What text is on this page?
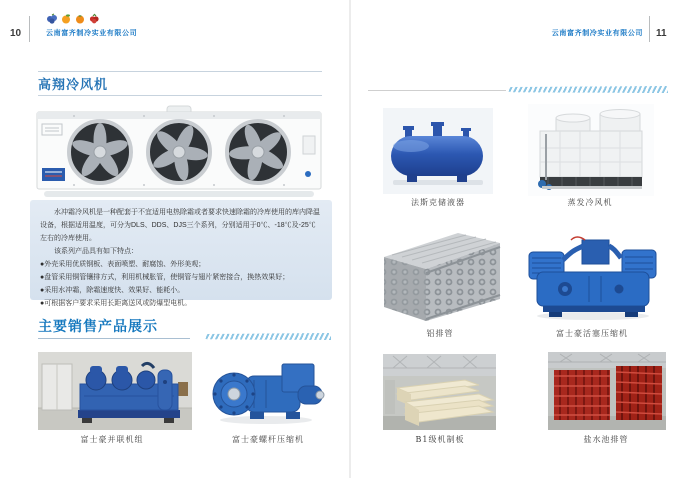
10	云南富齐制冷实业有限公司	云南富齐制冷实业有限公司 11
高翔冷风机

水冲霜冷风机是一种配套于不宜适用电热除霜或者要求快速除霜的冷库使用的库内降温设备，根据适用温度，可分为DLS、DDS、DJS三个系列，分别适用于0℃、-18℃及-25℃左右的冷库使用。

该系列产品具有如下特点：

●外壳采用优质钢板、表面喷塑、耐腐蚀、外形美观；

●盘管采用铜管镶排方式，利用机械胀管，使铜管与翅片紧密接合，换热效果好；

●采用水冲霜，除霜速度快、效果好、能耗小。

●可根据客户要求采用长距离送风或防爆型电机。

主要销售产品展示
富士豪并联机组	富士豪螺杆压缩机
法斯克储液器	蒸发冷风机
铝排管	富士豪活塞压缩机
B1级机制板	盐水池排管
